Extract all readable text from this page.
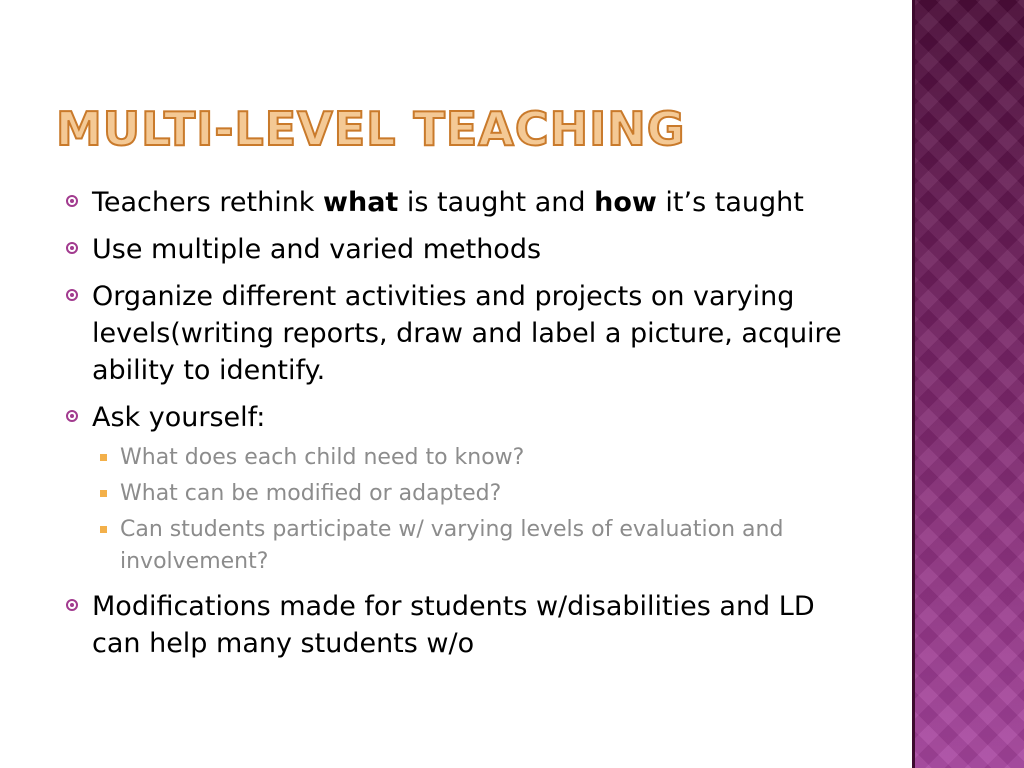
MULTI-LEVEL TEACHING
Teachers rethink what is taught and how it’s taught
Use multiple and varied methods
Organize different activities and projects on varying levels(writing reports, draw and label a picture, acquire ability to identify.
Ask yourself:
What does each child need to know?
What can be modified or adapted?
Can students participate w/ varying levels of evaluation and involvement?
Modifications made for students w/disabilities and LD can help many students w/o
